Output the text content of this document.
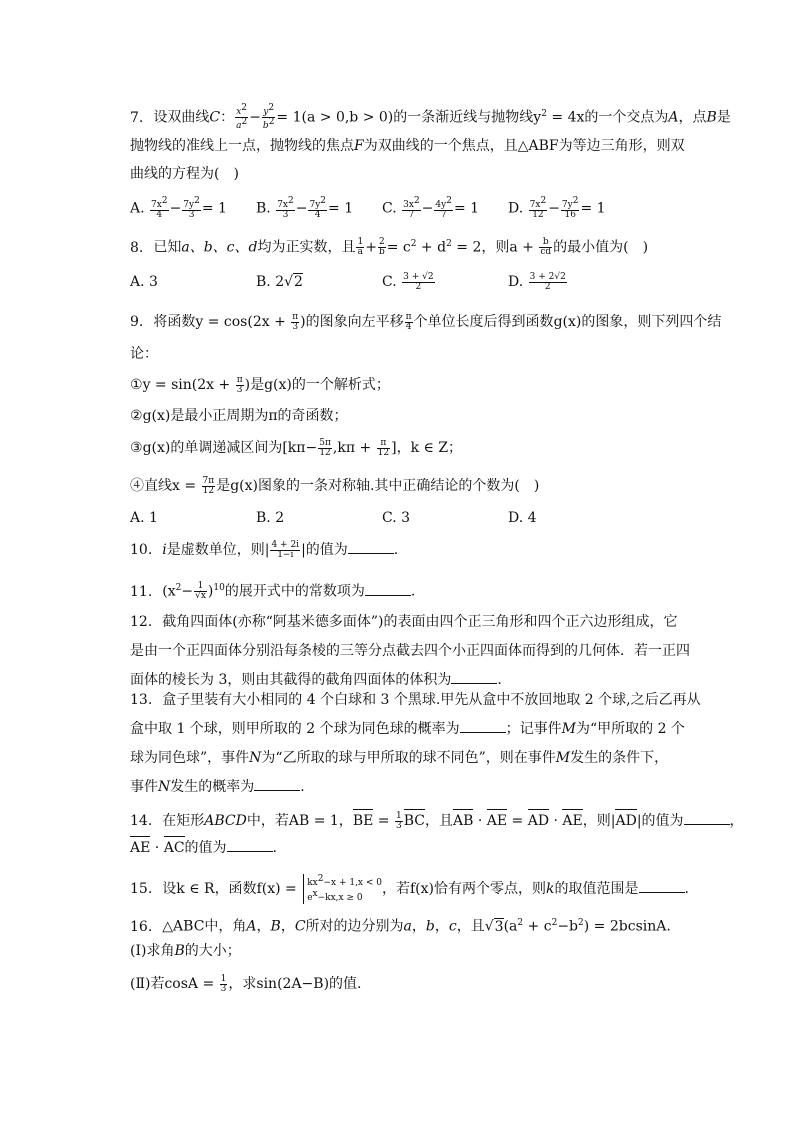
7. 设双曲线C： $\frac{x^2}{a^2} - \frac{y^2}{b^2} = 1(a > 0,b > 0)$的一条渐近线与抛物线$y^2 = 4x$的一个交点为A，点B是
抛物线的准线上一点，抛物线的焦点F为双曲线的一个焦点，且△ABF为等边三角形，则双
曲线的方程为(　)
A. $\frac{7x^2}{4} - \frac{7y^2}{3} = 1$ B. $\frac{7x^2}{3} - \frac{7y^2}{4} = 1$ C. $\frac{3x^2}{7} - \frac{4y^2}{7} = 1$ D. $\frac{7x^2}{12} - \frac{7y^2}{16} = 1$
8. 已知a、b、c、d均为正实数，且 $\frac{1}{a} + \frac{2}{b} = c^2 + d^2 = 2$，则$a + \frac{b}{cd}$ 的最小值为(　)
A. 3	B. 2√2	C. $\frac{3 + √2}{2}$	D. $\frac{3 + 2√2}{2}$
9. 将函数$y = \cos(2x + \frac{\pi}{3}$ )的图象向左平移 $\frac{\pi}{4}$ 个单位长度后得到函数g(x)的图象，则下列四个结
论：
①y = $\sin(2x + \frac{\pi}{3}$ )是g(x)的一个解析式；
②g(x)是最小正周期为π的奇函数；
③g(x)的单调递减区间为[$k\pi- \frac{5\pi}{12} ,k\pi + \frac{\pi}{12}$ ]，k ∈ Z；
④直线$x = \frac{7\pi}{12}$ 是g(x)图象的一条对称轴.其中正确结论的个数为(　)
A. 1	B. 2	C. 3	D. 4
10. i是虚数单位，则| $\frac{4 + 2i}{1-i}$ |的值为	.
11. $(x^2- \frac{1}{√x} )^{10}$的展开式中的常数项为	.
12. 截角四面体(亦称“阿基米德多面体”)的表面由四个正三角形和四个正六边形组成，它
是由一个正四面体分别沿每条棱的三等分点截去四个小正四面体而得到的几何体．若一正四
面体的棱长为 3，则由其截得的截角四面体的体积为	.
13. 盒子里装有大小相同的 4 个白球和 3 个黑球.甲先从盒中不放回地取 2 个球,之后乙再从
盒中取 1 个球，则甲所取的 2 个球为同色球的概率为	；记事件M为“甲所取的 2 个
球为同色球”，事件N为“乙所取的球与甲所取的球不同色”，则在事件M发生的条件下，
事件N发生的概率为	.
14. 在矩形ABCD中，若AB = 1，BE = $\frac{1}{3}$ BC，且AB · AE = AD · AE，则|AD|的值为	，
AE · AC的值为	.
15. 设k ∈ R，函数$f(x) = kx^2-x + 1,x < 0$
$e^x-kx,x \ge 0$
，若f(x)恰有两个零点，则k的取值范围是	.
16. △ABC中，角A，B，C所对的边分别为a，b，c，且$√3(a^2 + c^2-b^2) = 2bcsinA$.
(Ⅰ)求角B的大小；
(Ⅱ)若$\cos A = \frac{1}{3}$ ，求sin(2A−B)的值.
